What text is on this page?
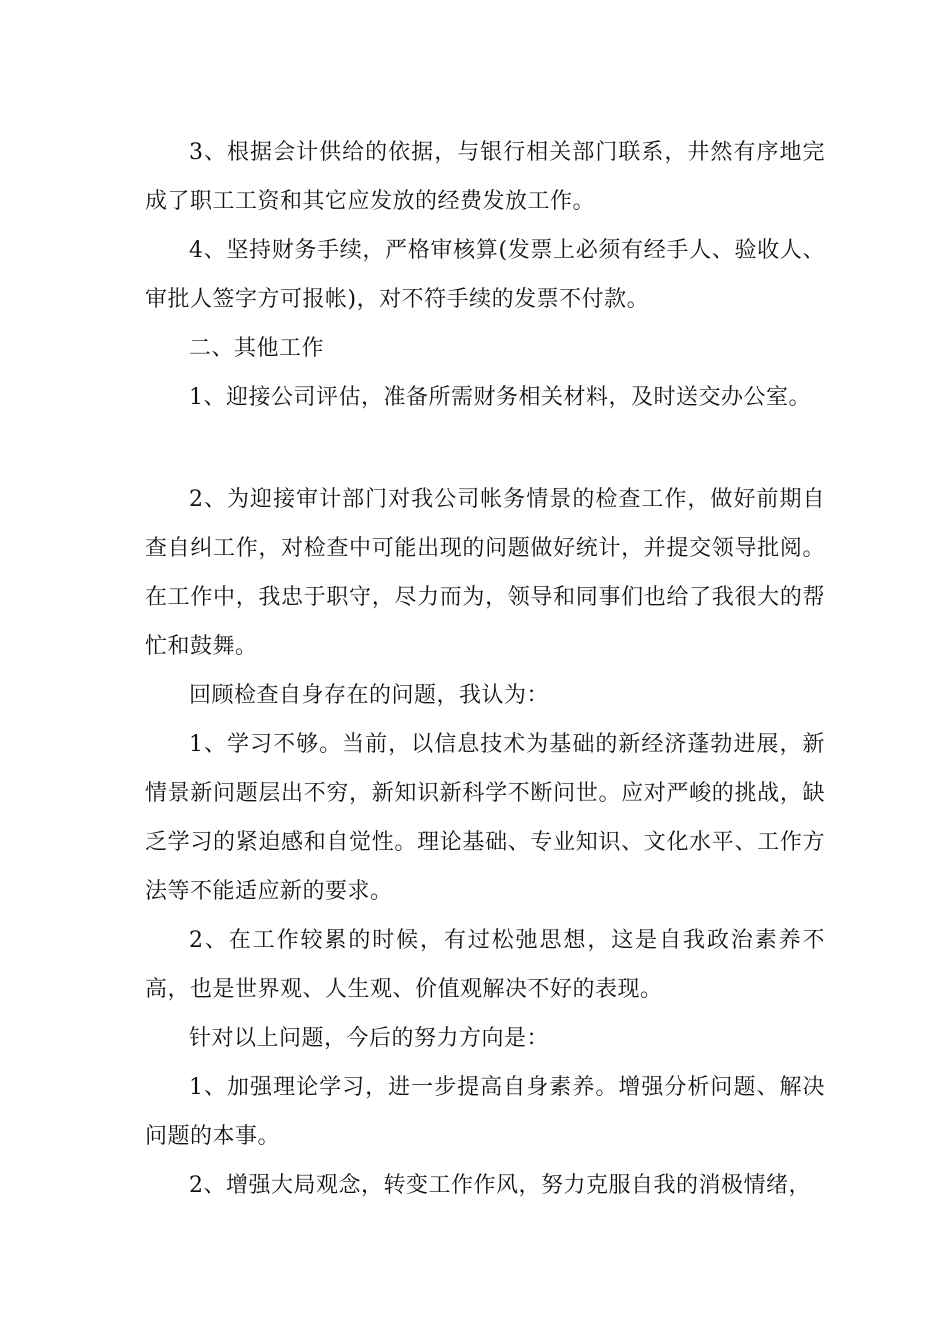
3、根据会计供给的依据，与银行相关部门联系，井然有序地完成了职工工资和其它应发放的经费发放工作。

4、坚持财务手续，严格审核算(发票上必须有经手人、验收人、审批人签字方可报帐)，对不符手续的发票不付款。

二、其他工作

1、迎接公司评估，准备所需财务相关材料，及时送交办公室。

2、为迎接审计部门对我公司帐务情景的检查工作，做好前期自查自纠工作，对检查中可能出现的问题做好统计，并提交领导批阅。在工作中，我忠于职守，尽力而为，领导和同事们也给了我很大的帮忙和鼓舞。

回顾检查自身存在的问题，我认为：

1、学习不够。当前，以信息技术为基础的新经济蓬勃进展，新情景新问题层出不穷，新知识新科学不断问世。应对严峻的挑战，缺乏学习的紧迫感和自觉性。理论基础、专业知识、文化水平、工作方法等不能适应新的要求。

2、在工作较累的时候，有过松弛思想，这是自我政治素养不高，也是世界观、人生观、价值观解决不好的表现。

针对以上问题，今后的努力方向是：

1、加强理论学习，进一步提高自身素养。增强分析问题、解决问题的本事。

2、增强大局观念，转变工作作风，努力克服自我的消极情绪，
